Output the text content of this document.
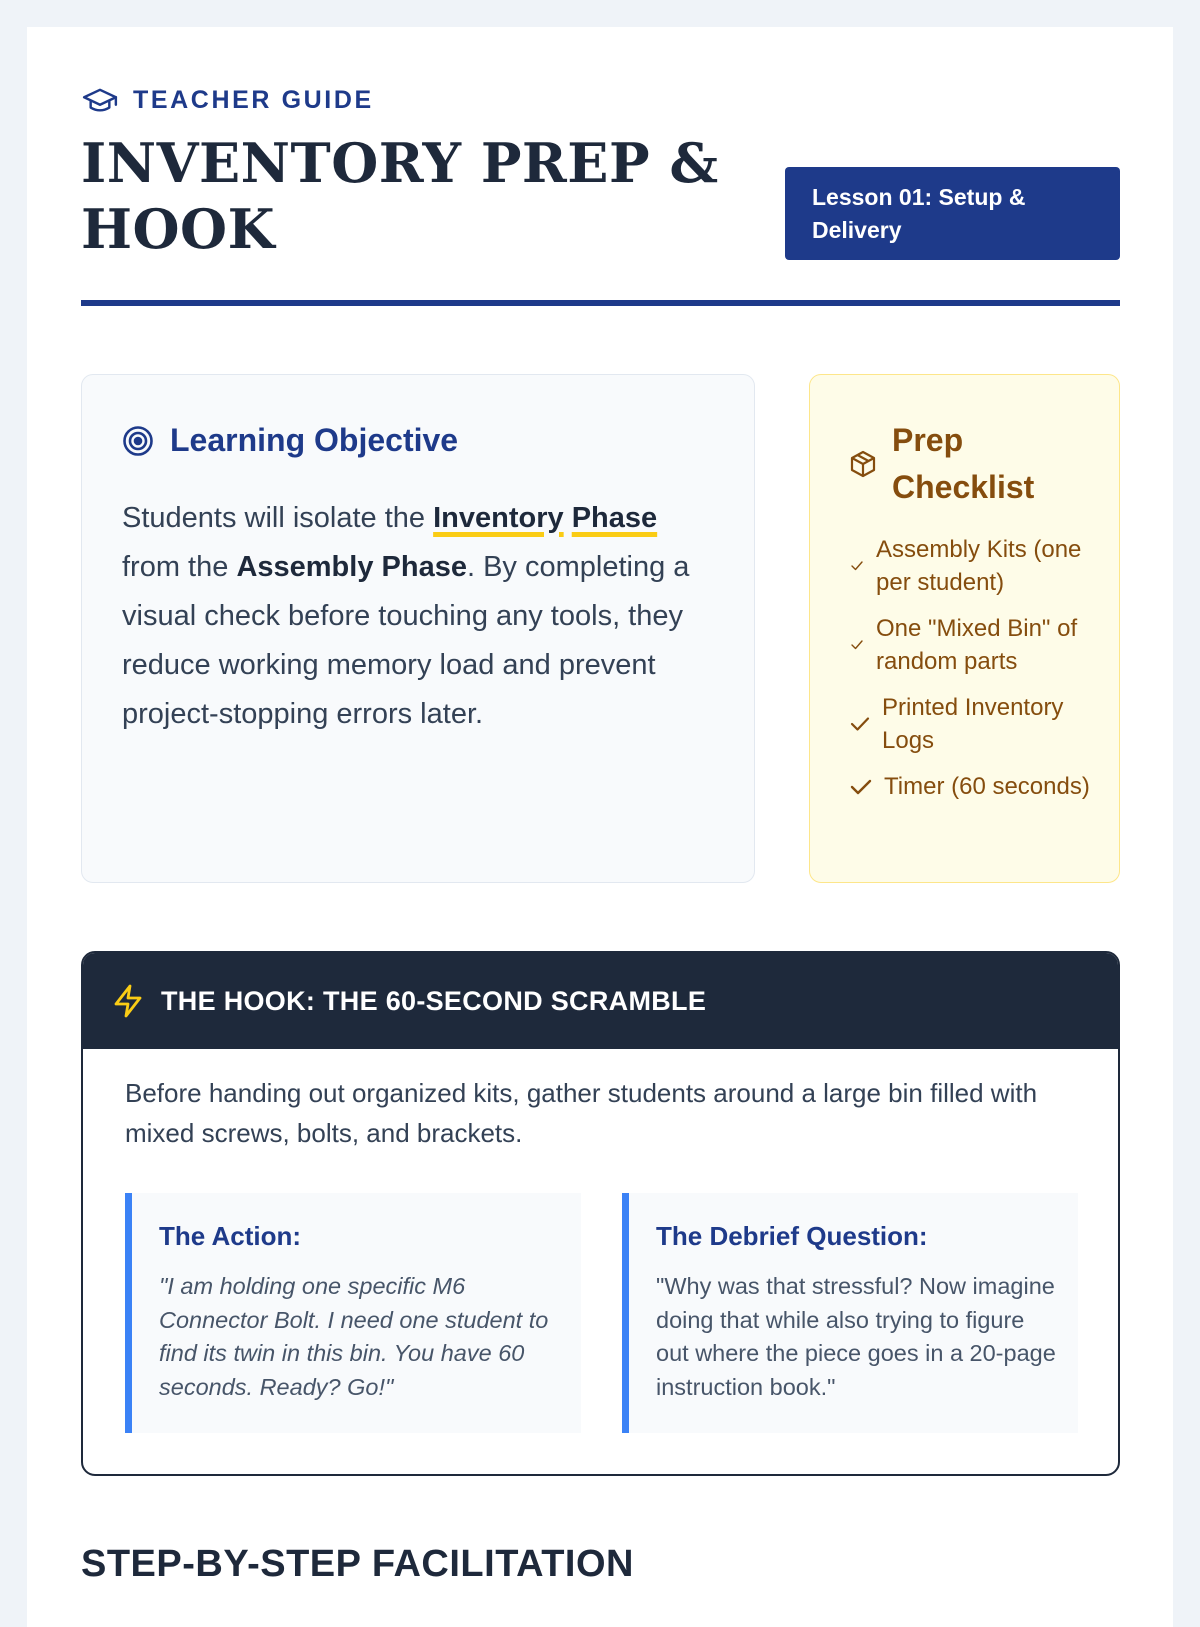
TEACHER GUIDE
INVENTORY PREP & HOOK	Lesson 01: Setup & Delivery
Learning Objective

Students will isolate the Inventory Phase from the Assembly Phase. By completing a visual check before touching any tools, they reduce working memory load and prevent project-stopping errors later.

Prep Checklist
Assembly Kits (one per student)
One "Mixed Bin" of random parts
Printed Inventory Logs
Timer (60 seconds)
THE HOOK: THE 60-SECOND SCRAMBLE

Before handing out organized kits, gather students around a large bin filled with mixed screws, bolts, and brackets.

The Action:

"I am holding one specific M6 Connector Bolt. I need one student to find its twin in this bin. You have 60 seconds. Ready? Go!"

The Debrief Question:

"Why was that stressful? Now imagine doing that while also trying to figure out where the piece goes in a 20-page instruction book."

STEP-BY-STEP FACILITATION
